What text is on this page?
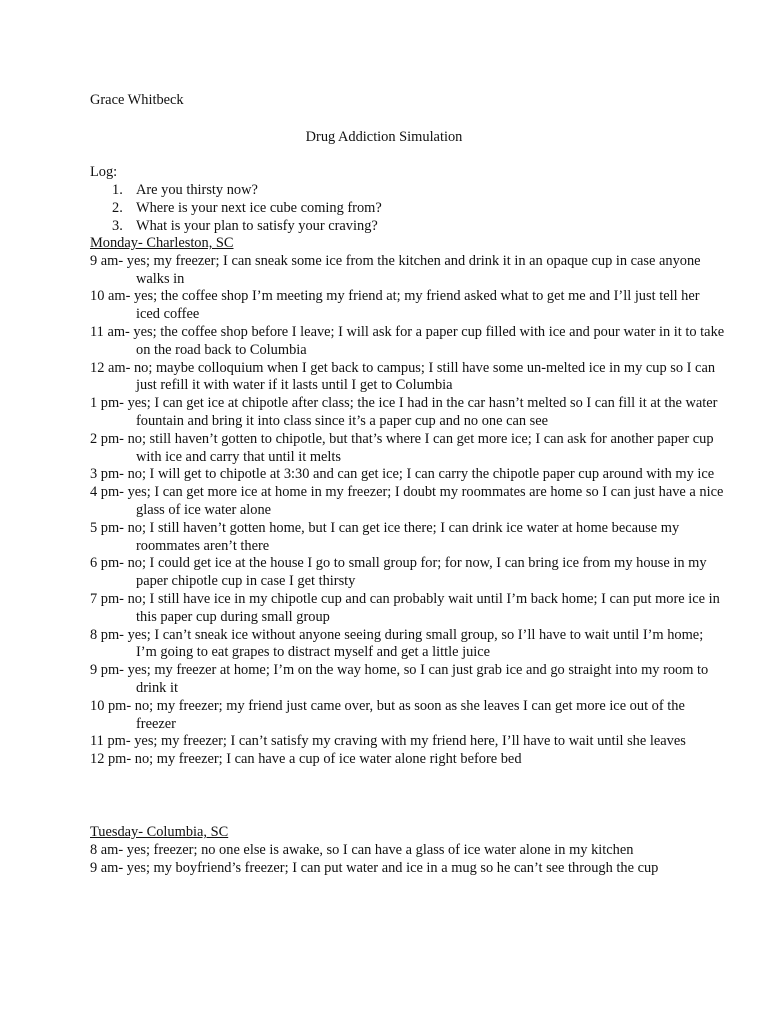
Grace Whitbeck
Drug Addiction Simulation
Log:
1. Are you thirsty now?
2. Where is your next ice cube coming from?
3. What is your plan to satisfy your craving?
Monday- Charleston, SC
9 am- yes; my freezer; I can sneak some ice from the kitchen and drink it in an opaque cup in case anyone walks in
10 am- yes; the coffee shop I’m meeting my friend at; my friend asked what to get me and I’ll just tell her iced coffee
11 am- yes; the coffee shop before I leave; I will ask for a paper cup filled with ice and pour water in it to take on the road back to Columbia
12 am- no; maybe colloquium when I get back to campus; I still have some un-melted ice in my cup so I can just refill it with water if it lasts until I get to Columbia
1 pm- yes; I can get ice at chipotle after class; the ice I had in the car hasn’t melted so I can fill it at the water fountain and bring it into class since it’s a paper cup and no one can see
2 pm- no; still haven’t gotten to chipotle, but that’s where I can get more ice; I can ask for another paper cup with ice and carry that until it melts
3 pm- no; I will get to chipotle at 3:30 and can get ice; I can carry the chipotle paper cup around with my ice
4 pm- yes; I can get more ice at home in my freezer; I doubt my roommates are home so I can just have a nice glass of ice water alone
5 pm- no; I still haven’t gotten home, but I can get ice there; I can drink ice water at home because my roommates aren’t there
6 pm- no; I could get ice at the house I go to small group for; for now, I can bring ice from my house in my paper chipotle cup in case I get thirsty
7 pm- no; I still have ice in my chipotle cup and can probably wait until I’m back home; I can put more ice in this paper cup during small group
8 pm- yes; I can’t sneak ice without anyone seeing during small group, so I’ll have to wait until I’m home; I’m going to eat grapes to distract myself and get a little juice
9 pm- yes; my freezer at home; I’m on the way home, so I can just grab ice and go straight into my room to drink it
10 pm- no; my freezer; my friend just came over, but as soon as she leaves I can get more ice out of the freezer
11 pm- yes; my freezer; I can’t satisfy my craving with my friend here, I’ll have to wait until she leaves
12 pm- no; my freezer; I can have a cup of ice water alone right before bed
Tuesday- Columbia, SC
8 am- yes; freezer; no one else is awake, so I can have a glass of ice water alone in my kitchen
9 am- yes; my boyfriend’s freezer; I can put water and ice in a mug so he can’t see through the cup
